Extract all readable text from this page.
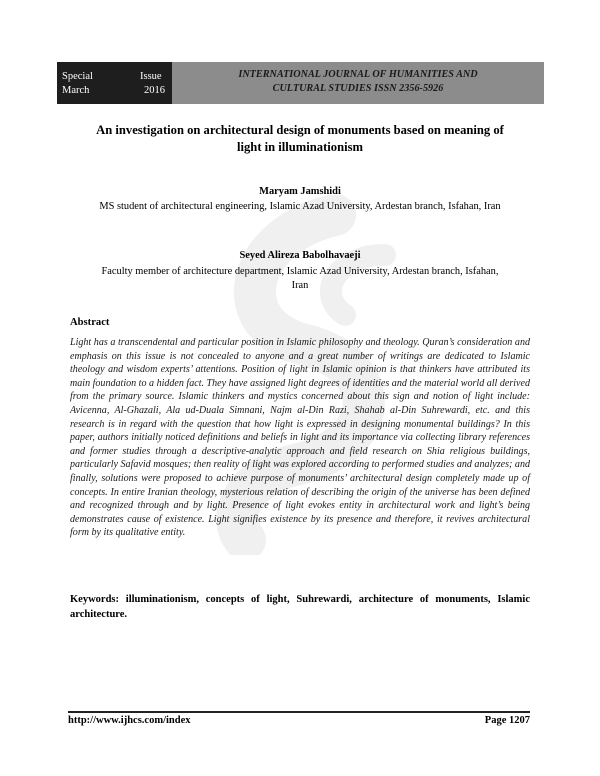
Special	Issue
March	2016
INTERNATIONAL JOURNAL OF HUMANITIES AND
CULTURAL STUDIES ISSN 2356-5926
An investigation on architectural design of monuments based on meaning of
light in illuminationism
Maryam Jamshidi
MS student of architectural engineering, Islamic Azad University, Ardestan branch, Isfahan, Iran
Seyed Alireza Babolhavaeji
Faculty member of architecture department, Islamic Azad University, Ardestan branch, Isfahan,
Iran
Abstract
Light has a transcendental and particular position in Islamic philosophy and theology. Quran’s consideration and emphasis on this issue is not concealed to anyone and a great number of writings are dedicated to Islamic theology and wisdom experts’ attentions. Position of light in Islamic opinion is that thinkers have attributed its main foundation to a hidden fact. They have assigned light degrees of identities and the material world all derived from the primary source. Islamic thinkers and mystics concerned about this sign and notion of light include: Avicenna, Al-Ghazali, Ala ud-Duala Simnani, Najm al-Din Razi, Shahab al-Din Suhrewardi, etc. and this research is in regard with the question that how light is expressed in designing monumental buildings? In this paper, authors initially noticed definitions and beliefs in light and its importance via collecting library references and former studies through a descriptive-analytic approach and field research on Shia religious buildings, particularly Safavid mosques; then reality of light was explored according to performed studies and analyzes; and finally, solutions were proposed to achieve purpose of monuments’ architectural design completely made up of concepts. In entire Iranian theology, mysterious relation of describing the origin of the universe has been defined and recognized through and by light. Presence of light evokes entity in architectural work and light’s being demonstrates cause of existence. Light signifies existence by its presence and therefore, it revives architectural form by its qualitative entity.
Keywords: illuminationism, concepts of light, Suhrewardi, architecture of monuments, Islamic architecture.
http://www.ijhcs.com/index	Page 1207
